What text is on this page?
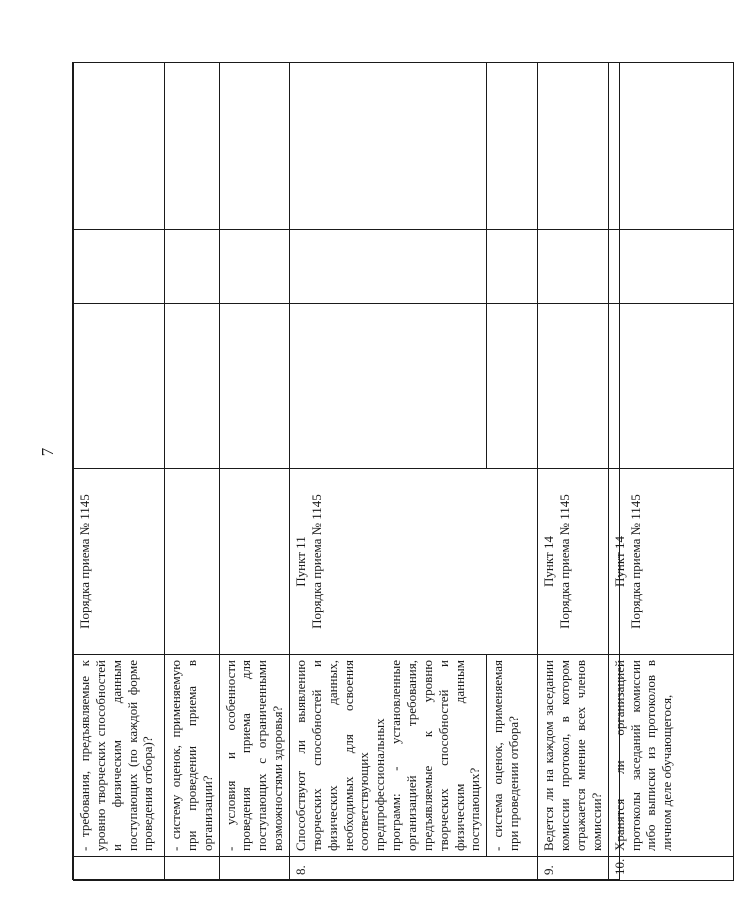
7
	- требования, предъявляемые к уровню творческих способностей и физическим данным поступающих (по каждой форме проведения отбора)?	Порядка приема № 1145			
	- систему оценок, применяемую при проведении приема в организации?				
	- условия и особенности проведения приема для поступающих с ограниченными возможностями здоровья?				
8.	Способствуют ли выявлению творческих способностей и физических данных, необходимых для освоения соответствующих предпрофессиональных программ: - установленные организацией требования, предъявляемые к уровню творческих способностей и физическим данным поступающих?	Пункт 11 Порядка приема № 1145			

	- система оценок, применяемая при проведении отбора?				
9.	Ведется ли на каждом заседании комиссии протокол, в котором отражается мнение всех членов комиссии?	Пункт 14 Порядка приема № 1145			

10.	Хранятся ли организацией протоколы заседаний комиссии либо выписки из протоколов в личном деле обучающегося,	Пункт 14 Порядка приема № 1145			
